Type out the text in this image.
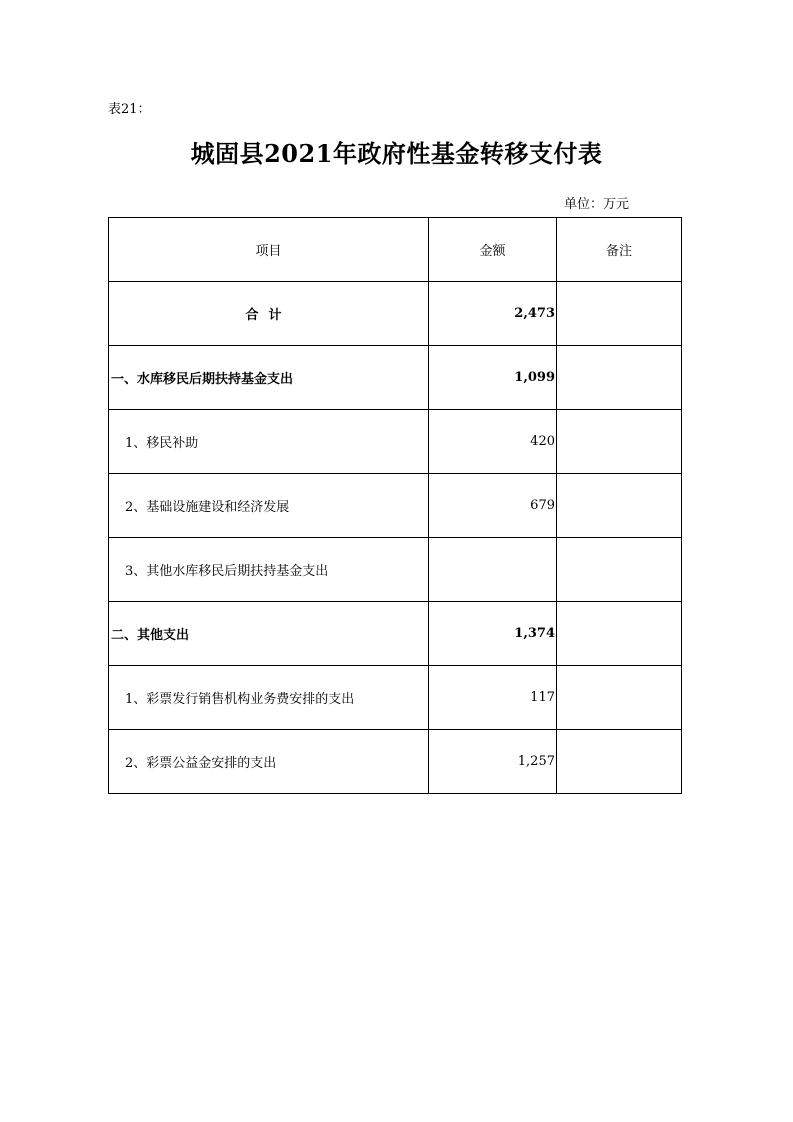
表21：
城固县2021年政府性基金转移支付表
单位：万元
项目	金额	备注
合计	2,473	
一、水库移民后期扶持基金支出	1,099	
1、移民补助	420	
2、基础设施建设和经济发展	679	
3、其他水库移民后期扶持基金支出		
二、其他支出	1,374	
1、彩票发行销售机构业务费安排的支出	117	
2、彩票公益金安排的支出	1,257	
